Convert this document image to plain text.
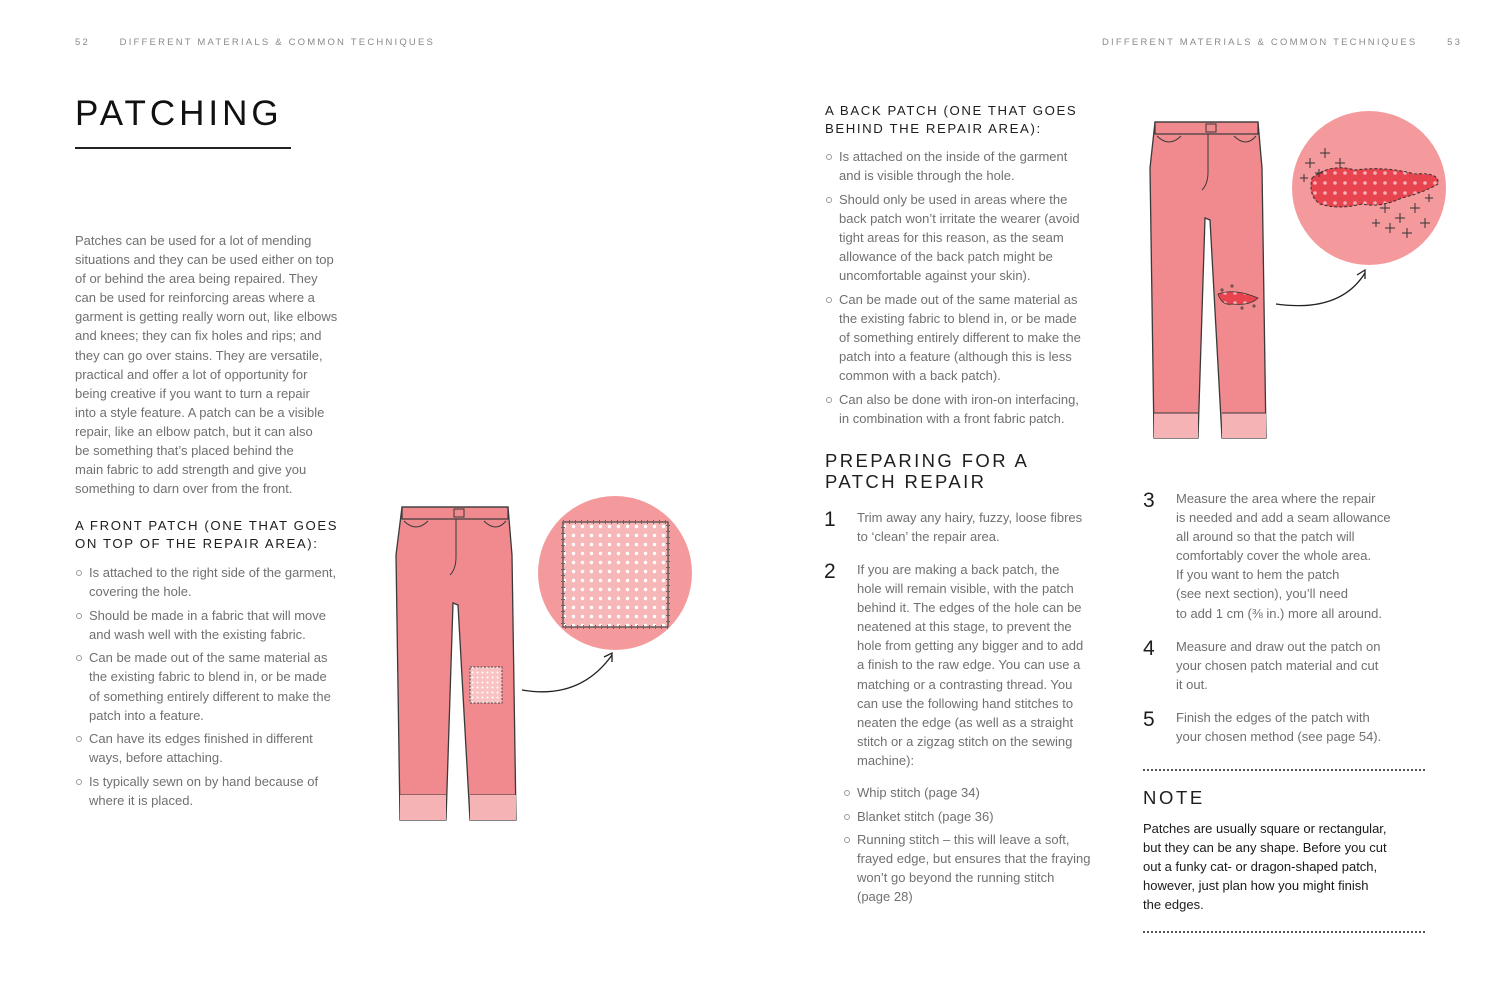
52	DIFFERENT MATERIALS & COMMON TECHNIQUES
PATCHING
Patches can be used for a lot of mending
situations and they can be used either on top
of or behind the area being repaired. They
can be used for reinforcing areas where a
garment is getting really worn out, like elbows
and knees; they can fix holes and rips; and
they can go over stains. They are versatile,
practical and offer a lot of opportunity for
being creative if you want to turn a repair
into a style feature. A patch can be a visible
repair, like an elbow patch, but it can also
be something that’s placed behind the
main fabric to add strength and give you
something to darn over from the front.
A FRONT PATCH (ONE THAT GOES
ON TOP OF THE REPAIR AREA):
Is attached to the right side of the garment,
covering the hole.
Should be made in a fabric that will move
and wash well with the existing fabric.
Can be made out of the same material as
the existing fabric to blend in, or be made
of something entirely different to make the
patch into a feature.
Can have its edges finished in different
ways, before attaching.
Is typically sewn on by hand because of
where it is placed.
DIFFERENT MATERIALS & COMMON TECHNIQUES	53
A BACK PATCH (ONE THAT GOES
BEHIND THE REPAIR AREA):
Is attached on the inside of the garment
and is visible through the hole.
Should only be used in areas where the
back patch won’t irritate the wearer (avoid
tight areas for this reason, as the seam
allowance of the back patch might be
uncomfortable against your skin).
Can be made out of the same material as
the existing fabric to blend in, or be made
of something entirely different to make the
patch into a feature (although this is less
common with a back patch).
Can also be done with iron-on interfacing,
in combination with a front fabric patch.
PREPARING FOR A
PATCH REPAIR
1 Trim away any hairy, fuzzy, loose fibres
to ‘clean’ the repair area.
2 If you are making a back patch, the
hole will remain visible, with the patch
behind it. The edges of the hole can be
neatened at this stage, to prevent the
hole from getting any bigger and to add
a finish to the raw edge. You can use a
matching or a contrasting thread. You
can use the following hand stitches to
neaten the edge (as well as a straight
stitch or a zigzag stitch on the sewing
machine):
Whip stitch (page 34)
Blanket stitch (page 36)
Running stitch – this will leave a soft,
frayed edge, but ensures that the fraying
won’t go beyond the running stitch
(page 28)
3 Measure the area where the repair
is needed and add a seam allowance
all around so that the patch will
comfortably cover the whole area.
If you want to hem the patch
(see next section), you’ll need
to add 1 cm (⅜ in.) more all around.
4 Measure and draw out the patch on
your chosen patch material and cut
it out.
5 Finish the edges of the patch with
your chosen method (see page 54).
NOTE
Patches are usually square or rectangular,
but they can be any shape. Before you cut
out a funky cat- or dragon-shaped patch,
however, just plan how you might finish
the edges.
